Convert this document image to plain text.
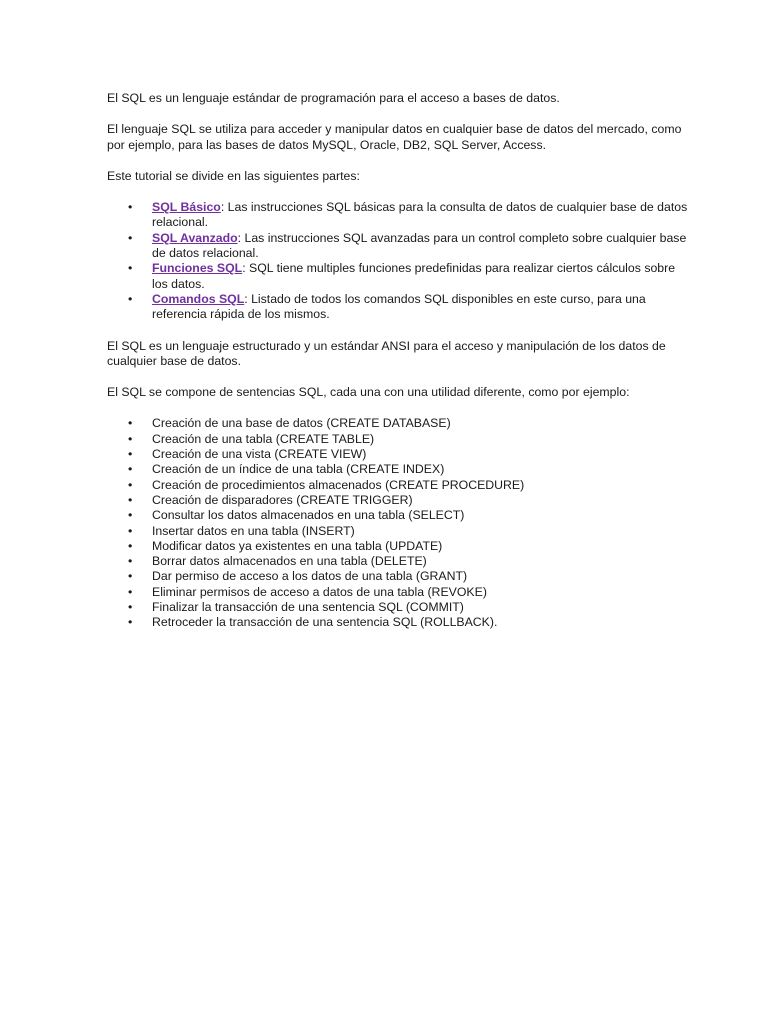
El SQL es un lenguaje estándar de programación para el acceso a bases de datos.

El lenguaje SQL se utiliza para acceder y manipular datos en cualquier base de datos del mercado, como por ejemplo, para las bases de datos MySQL, Oracle, DB2, SQL Server, Access.

Este tutorial se divide en las siguientes partes:

• SQL Básico: Las instrucciones SQL básicas para la consulta de datos de cualquier base de datos relacional.
• SQL Avanzado: Las instrucciones SQL avanzadas para un control completo sobre cualquier base de datos relacional.
• Funciones SQL: SQL tiene multiples funciones predefinidas para realizar ciertos cálculos sobre los datos.
• Comandos SQL: Listado de todos los comandos SQL disponibles en este curso, para una referencia rápida de los mismos.

El SQL es un lenguaje estructurado y un estándar ANSI para el acceso y manipulación de los datos de cualquier base de datos.

El SQL se compone de sentencias SQL, cada una con una utilidad diferente, como por ejemplo:

• Creación de una base de datos (CREATE DATABASE)
• Creación de una tabla (CREATE TABLE)
• Creación de una vista (CREATE VIEW)
• Creación de un índice de una tabla (CREATE INDEX)
• Creación de procedimientos almacenados (CREATE PROCEDURE)
• Creación de disparadores (CREATE TRIGGER)
• Consultar los datos almacenados en una tabla (SELECT)
• Insertar datos en una tabla (INSERT)
• Modificar datos ya existentes en una tabla (UPDATE)
• Borrar datos almacenados en una tabla (DELETE)
• Dar permiso de acceso a los datos de una tabla (GRANT)
• Eliminar permisos de acceso a datos de una tabla (REVOKE)
• Finalizar la transacción de una sentencia SQL (COMMIT)
• Retroceder la transacción de una sentencia SQL (ROLLBACK).
